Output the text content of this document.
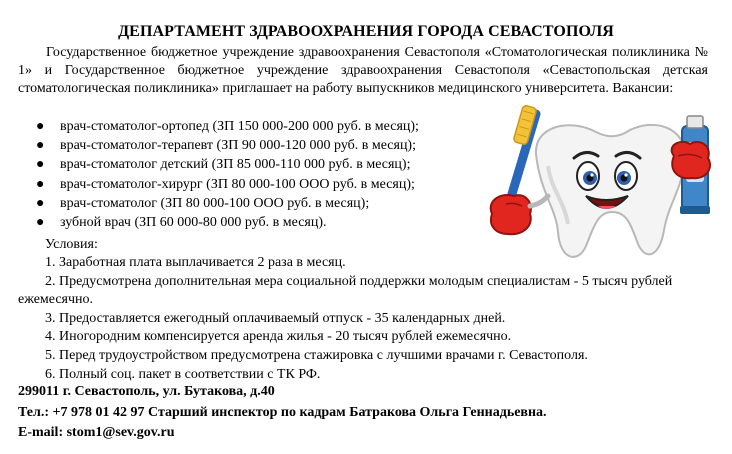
ДЕПАРТАМЕНТ ЗДРАВООХРАНЕНИЯ ГОРОДА СЕВАСТОПОЛЯ
Государственное бюджетное учреждение здравоохранения Севастополя «Стоматологическая поликлиника № 1» и Государственное бюджетное учреждение здравоохранения Севастополя «Севастопольская детская стоматологическая поликлиника» приглашает на работу выпускников медицинского университета. Вакансии:
● врач-стоматолог-ортопед (ЗП 150 000-200 000 руб. в месяц);
● врач-стоматолог-терапевт (ЗП 90 000-120 000 руб. в месяц);
● врач-стоматолог детский (ЗП 85 000-110 000 руб. в месяц);
● врач-стоматолог-хирург (ЗП 80 000-100 ООО руб. в месяц);
● врач-стоматолог (ЗП 80 000-100 ООО руб. в месяц);
● зубной врач (ЗП 60 000-80 000 руб. в месяц).
Условия:
1. Заработная плата выплачивается 2 раза в месяц.
2. Предусмотрена дополнительная мера социальной поддержки молодым специалистам - 5 тысяч рублей ежемесячно.
3. Предоставляется ежегодный оплачиваемый отпуск - 35 календарных дней.
4. Иногородним компенсируется аренда жилья - 20 тысяч рублей ежемесячно.
5. Перед трудоустройством предусмотрена стажировка с лучшими врачами г. Севастополя.
6. Полный соц. пакет в соответствии с ТК РФ.
299011 г. Севастополь, ул. Бутакова, д.40
Тел.: +7 978 01 42 97 Старший инспектор по кадрам Батракова Ольга Геннадьевна.
E-mail: stom1@sev.gov.ru
